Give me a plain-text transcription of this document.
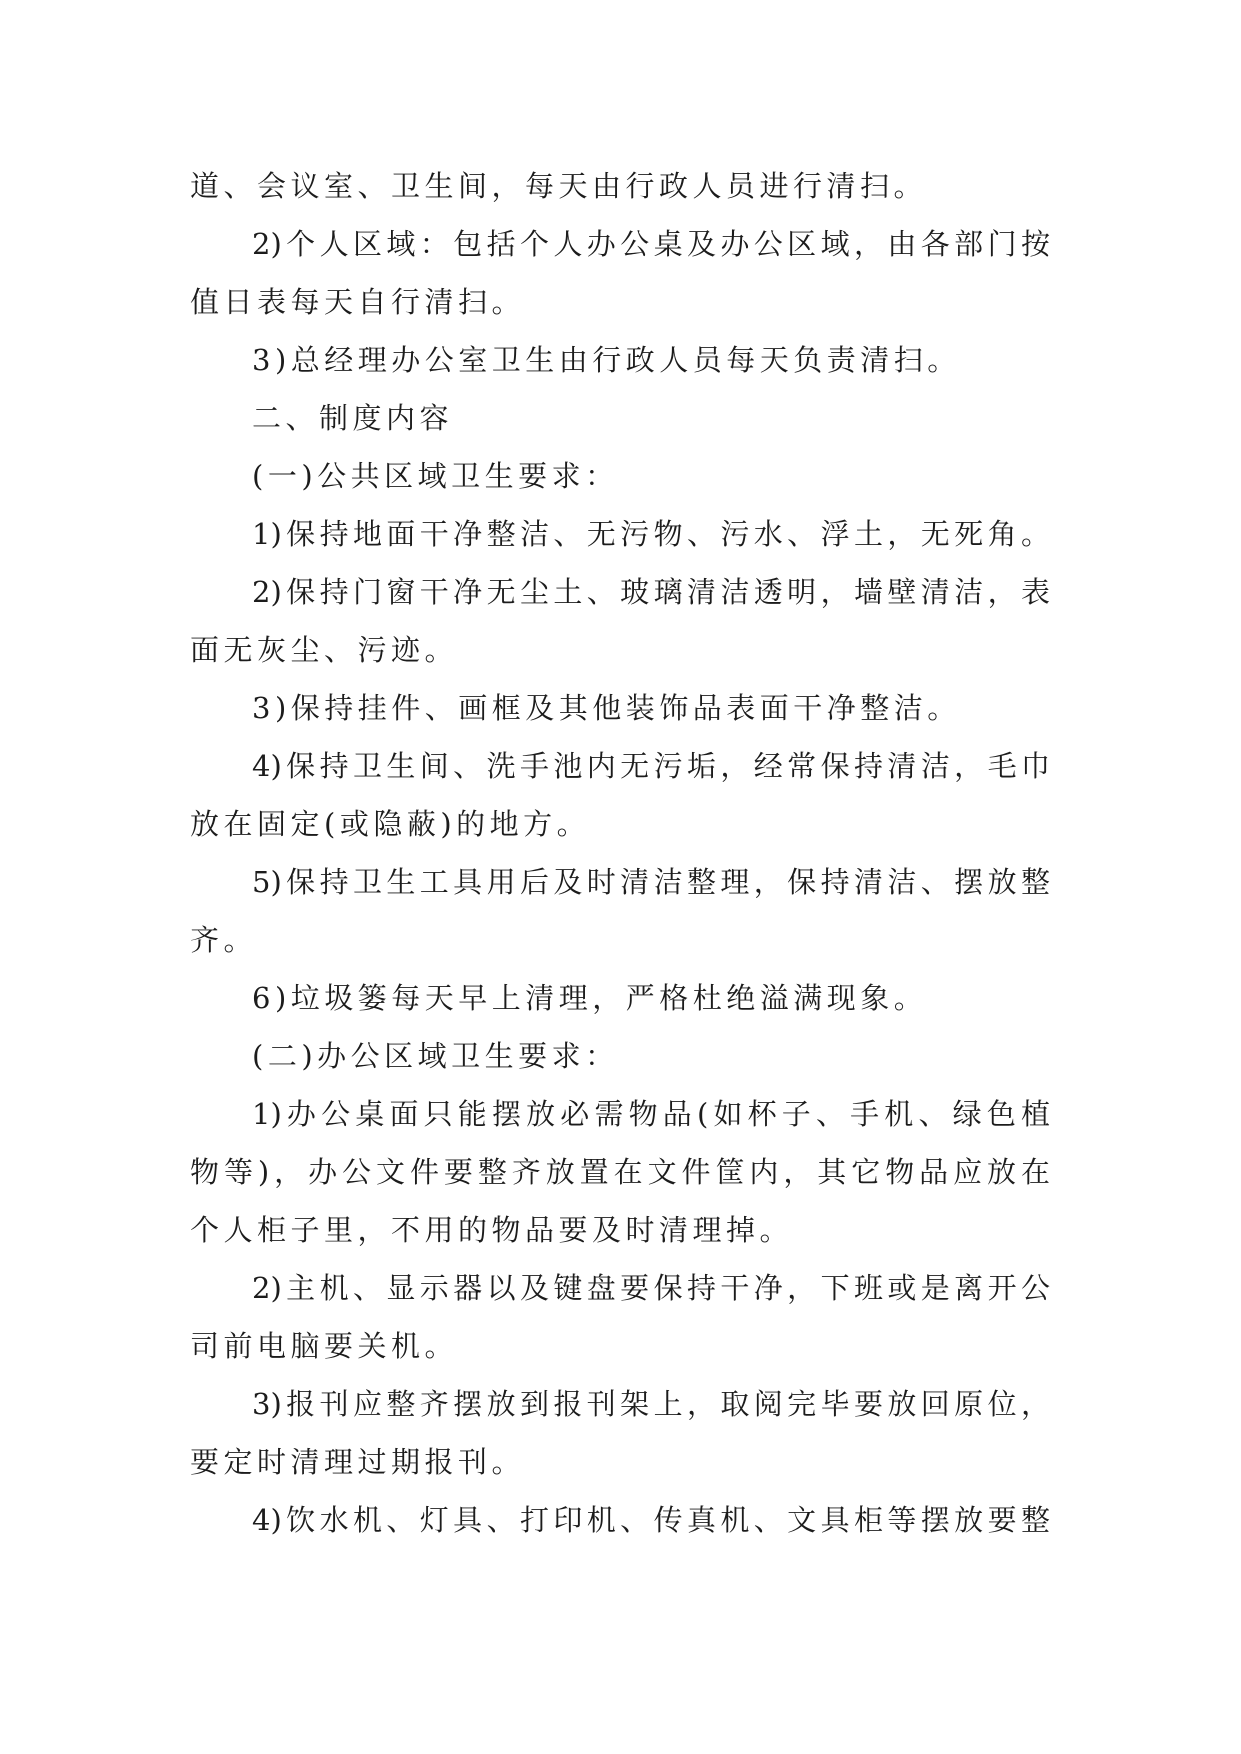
道、会议室、卫生间，每天由行政人员进行清扫。
2)个人区域：包括个人办公桌及办公区域，由各部门按
值日表每天自行清扫。
3)总经理办公室卫生由行政人员每天负责清扫。
二、制度内容
(一)公共区域卫生要求：
1)保持地面干净整洁、无污物、污水、浮土，无死角。
2)保持门窗干净无尘土、玻璃清洁透明，墙壁清洁，表
面无灰尘、污迹。
3)保持挂件、画框及其他装饰品表面干净整洁。
4)保持卫生间、洗手池内无污垢，经常保持清洁，毛巾
放在固定(或隐蔽)的地方。
5)保持卫生工具用后及时清洁整理，保持清洁、摆放整
齐。
6)垃圾篓每天早上清理，严格杜绝溢满现象。
(二)办公区域卫生要求：
1)办公桌面只能摆放必需物品(如杯子、手机、绿色植
物等)，办公文件要整齐放置在文件筐内，其它物品应放在
个人柜子里，不用的物品要及时清理掉。
2)主机、显示器以及键盘要保持干净，下班或是离开公
司前电脑要关机。
3)报刊应整齐摆放到报刊架上，取阅完毕要放回原位，
要定时清理过期报刊。
4)饮水机、灯具、打印机、传真机、文具柜等摆放要整
